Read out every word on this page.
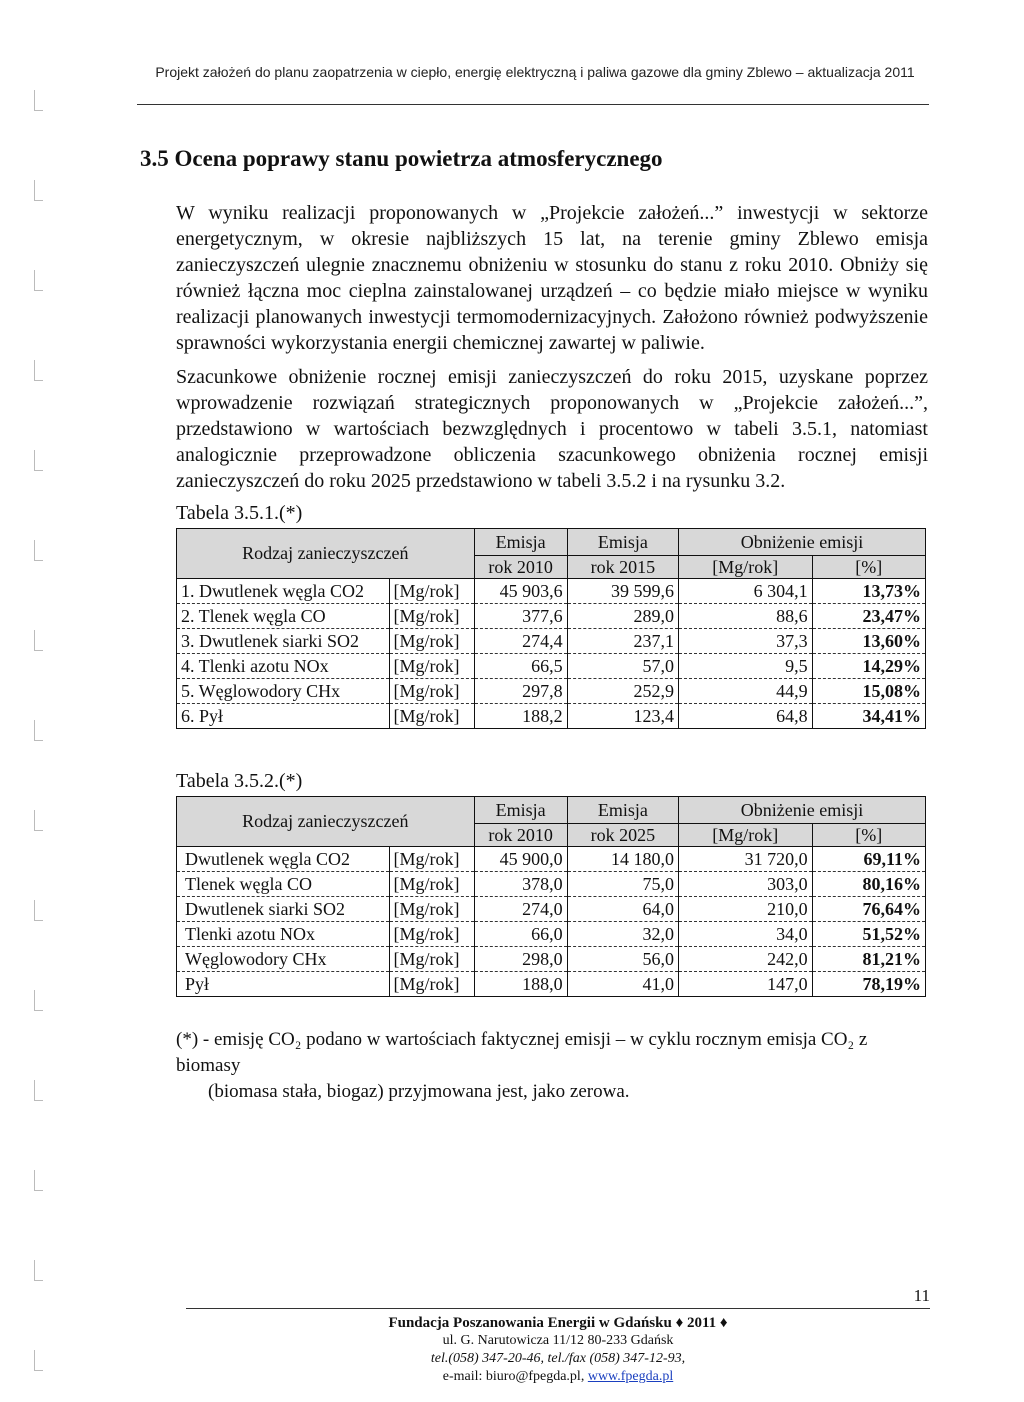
Projekt założeń do planu zaopatrzenia w ciepło, energię elektryczną i paliwa gazowe dla gminy Zblewo – aktualizacja 2011
3.5 Ocena poprawy stanu powietrza atmosferycznego

W wyniku realizacji proponowanych w „Projekcie założeń...” inwestycji w sektorze energetycznym, w okresie najbliższych 15 lat, na terenie gminy Zblewo emisja zanieczyszczeń ulegnie znacznemu obniżeniu w stosunku do stanu z roku 2010. Obniży się również łączna moc cieplna zainstalowanej urządzeń – co będzie miało miejsce w wyniku realizacji planowanych inwestycji termomodernizacyjnych. Założono również podwyższenie sprawności wykorzystania energii chemicznej zawartej w paliwie.

Szacunkowe obniżenie rocznej emisji zanieczyszczeń do roku 2015, uzyskane poprzez wprowadzenie rozwiązań strategicznych proponowanych w „Projekcie założeń...”, przedstawiono w wartościach bezwzględnych i procentowo w tabeli 3.5.1, natomiast analogicznie przeprowadzone obliczenia szacunkowego obniżenia rocznej emisji zanieczyszczeń do roku 2025 przedstawiono w tabeli 3.5.2 i na rysunku 3.2.

Tabela 3.5.1.(*)
Rodzaj zanieczyszczeń		Emisja	Emisja	Obniżenie emisji	
		rok 2010	rok 2015	[Mg/rok]	[%]
1. Dwutlenek węgla CO2	[Mg/rok]	45 903,6	39 599,6	6 304,1	13,73%
2. Tlenek węgla CO	[Mg/rok]	377,6	289,0	88,6	23,47%
3. Dwutlenek siarki SO2	[Mg/rok]	274,4	237,1	37,3	13,60%
4. Tlenki azotu NOx	[Mg/rok]	66,5	57,0	9,5	14,29%
5. Węglowodory CHx	[Mg/rok]	297,8	252,9	44,9	15,08%
6. Pył	[Mg/rok]	188,2	123,4	64,8	34,41%
Tabela 3.5.2.(*)
Rodzaj zanieczyszczeń		Emisja	Emisja	Obniżenie emisji	
		rok 2010	rok 2025	[Mg/rok]	[%]
Dwutlenek węgla CO2	[Mg/rok]	45 900,0	14 180,0	31 720,0	69,11%
Tlenek węgla CO	[Mg/rok]	378,0	75,0	303,0	80,16%
Dwutlenek siarki SO2	[Mg/rok]	274,0	64,0	210,0	76,64%
Tlenki azotu NOx	[Mg/rok]	66,0	32,0	34,0	51,52%
Węglowodory CHx	[Mg/rok]	298,0	56,0	242,0	81,21%
Pył	[Mg/rok]	188,0	41,0	147,0	78,19%
(*) - emisję CO₂ podano w wartościach faktycznej emisji – w cyklu rocznym emisja CO₂ z biomasy
(biomasa stała, biogaz) przyjmowana jest, jako zerowa.
11
Fundacja Poszanowania Energii w Gdańsku ♦ 2011 ♦
ul. G. Narutowicza 11/12 80-233 Gdańsk
tel.(058) 347-20-46, tel./fax (058) 347-12-93,
e-mail: biuro@fpegda.pl, www.fpegda.pl
